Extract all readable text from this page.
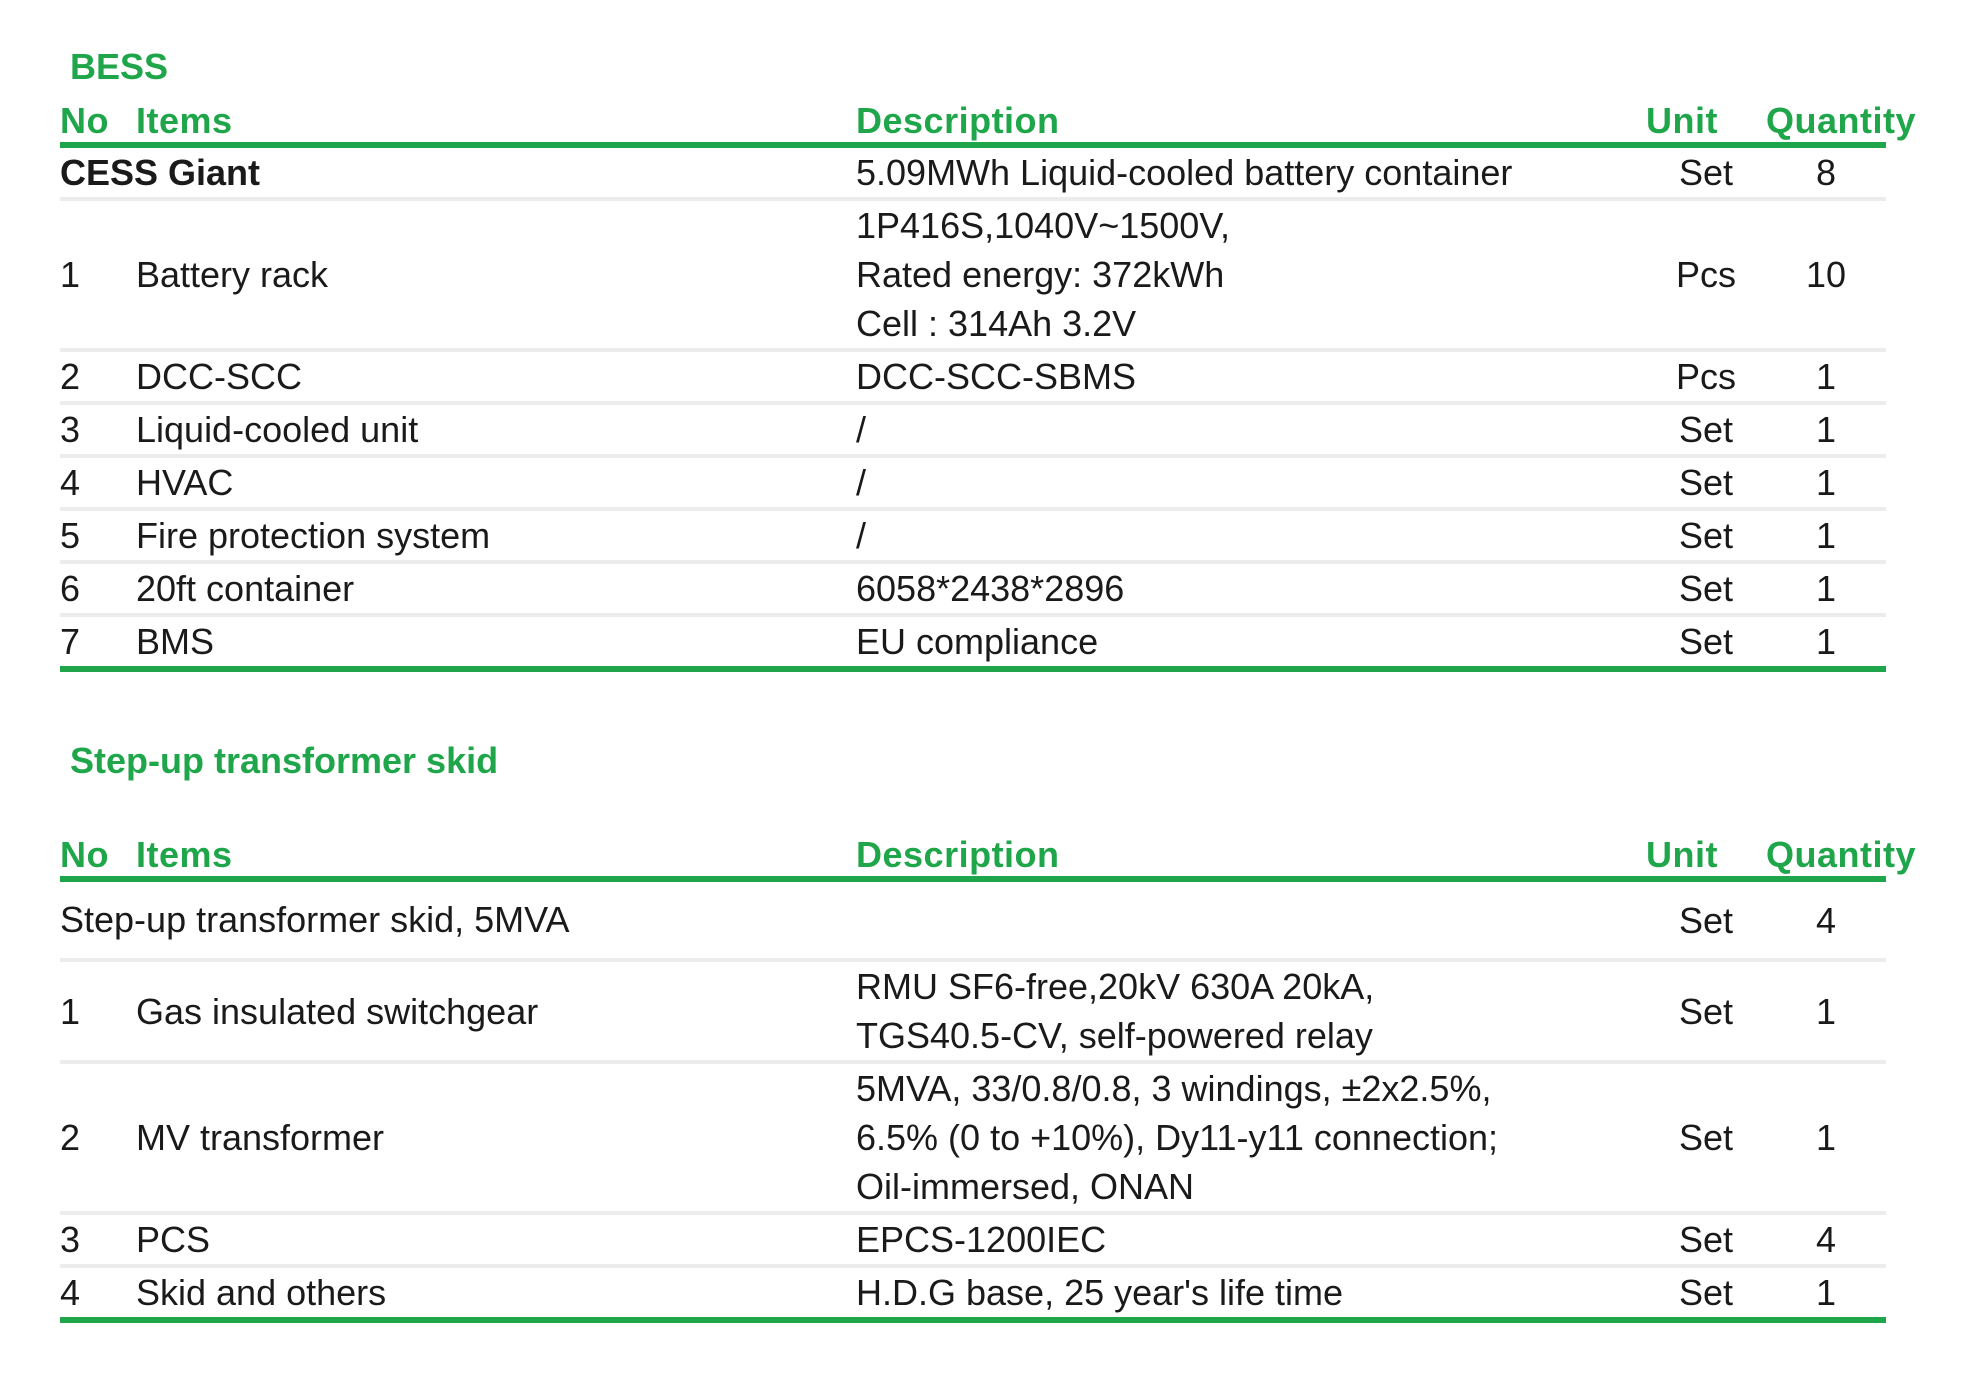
BESS
No	Items	Description	Unit	Quantity
CESS Giant		5.09MWh Liquid-cooled battery container	Set	8
1	Battery rack	1P416S,1040V~1500V,
Rated energy: 372kWh
Cell : 314Ah 3.2V	Pcs	10
2	DCC-SCC	DCC-SCC-SBMS	Pcs	1
3	Liquid-cooled unit	/	Set	1
4	HVAC	/	Set	1
5	Fire protection system	/	Set	1
6	20ft container	6058*2438*2896	Set	1
7	BMS	EU compliance	Set	1
Step-up transformer skid
No	Items	Description	Unit	Quantity
Step-up transformer skid, 5MVA			Set	4
1	Gas insulated switchgear	RMU SF6-free,20kV 630A 20kA,
TGS40.5-CV, self-powered relay	Set	1
2	MV transformer	5MVA, 33/0.8/0.8, 3 windings, ±2x2.5%,
6.5% (0 to +10%), Dy11-y11 connection;
Oil-immersed, ONAN	Set	1
3	PCS	EPCS-1200IEC	Set	4
4	Skid and others	H.D.G base, 25 year's life time	Set	1
